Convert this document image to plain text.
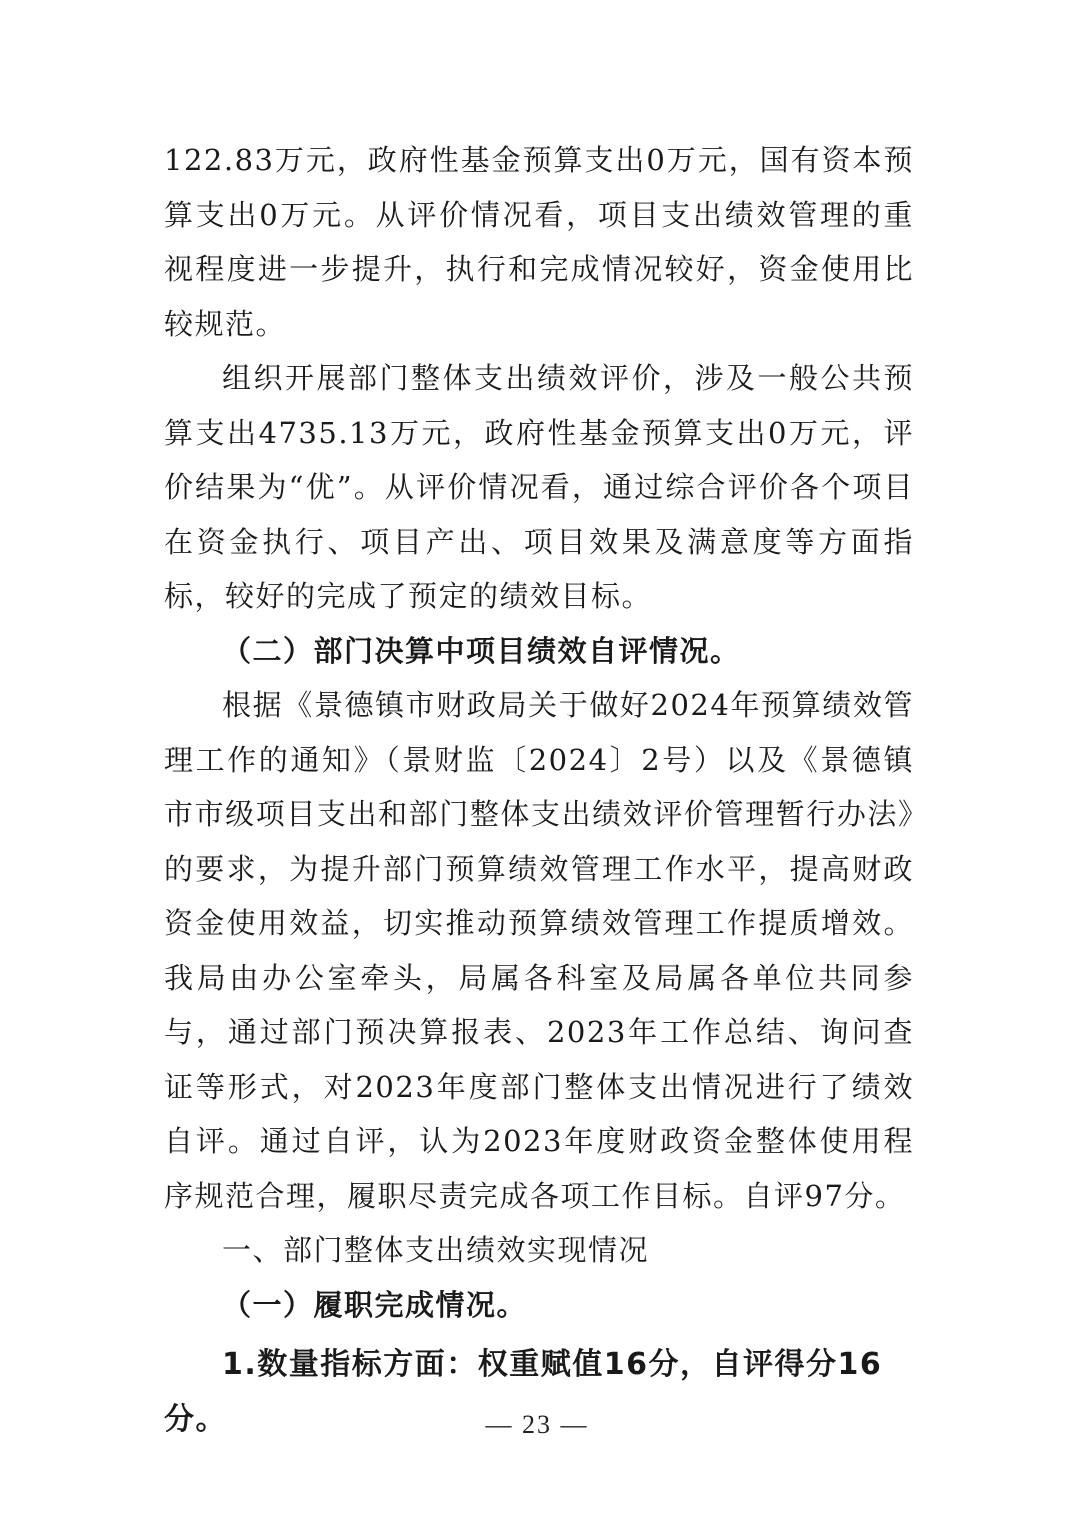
122.83万元，政府性基金预算支出0万元，国有资本预算支出0万元。从评价情况看，项目支出绩效管理的重视程度进一步提升，执行和完成情况较好，资金使用比较规范。

组织开展部门整体支出绩效评价，涉及一般公共预算支出4735.13万元，政府性基金预算支出0万元，评价结果为“优”。从评价情况看，通过综合评价各个项目在资金执行、项目产出、项目效果及满意度等方面指标，较好的完成了预定的绩效目标。

（二）部门决算中项目绩效自评情况。

根据《景德镇市财政局关于做好2024年预算绩效管理工作的通知》（景财监〔2024〕2号）以及《景德镇市市级项目支出和部门整体支出绩效评价管理暂行办法》的要求，为提升部门预算绩效管理工作水平，提高财政资金使用效益，切实推动预算绩效管理工作提质增效。我局由办公室牵头，局属各科室及局属各单位共同参与，通过部门预决算报表、2023年工作总结、询问查证等形式，对2023年度部门整体支出情况进行了绩效自评。通过自评，认为2023年度财政资金整体使用程序规范合理，履职尽责完成各项工作目标。自评97分。

一、部门整体支出绩效实现情况

（一）履职完成情况。

1.数量指标方面：权重赋值16分，自评得分16分。	— 23 —
